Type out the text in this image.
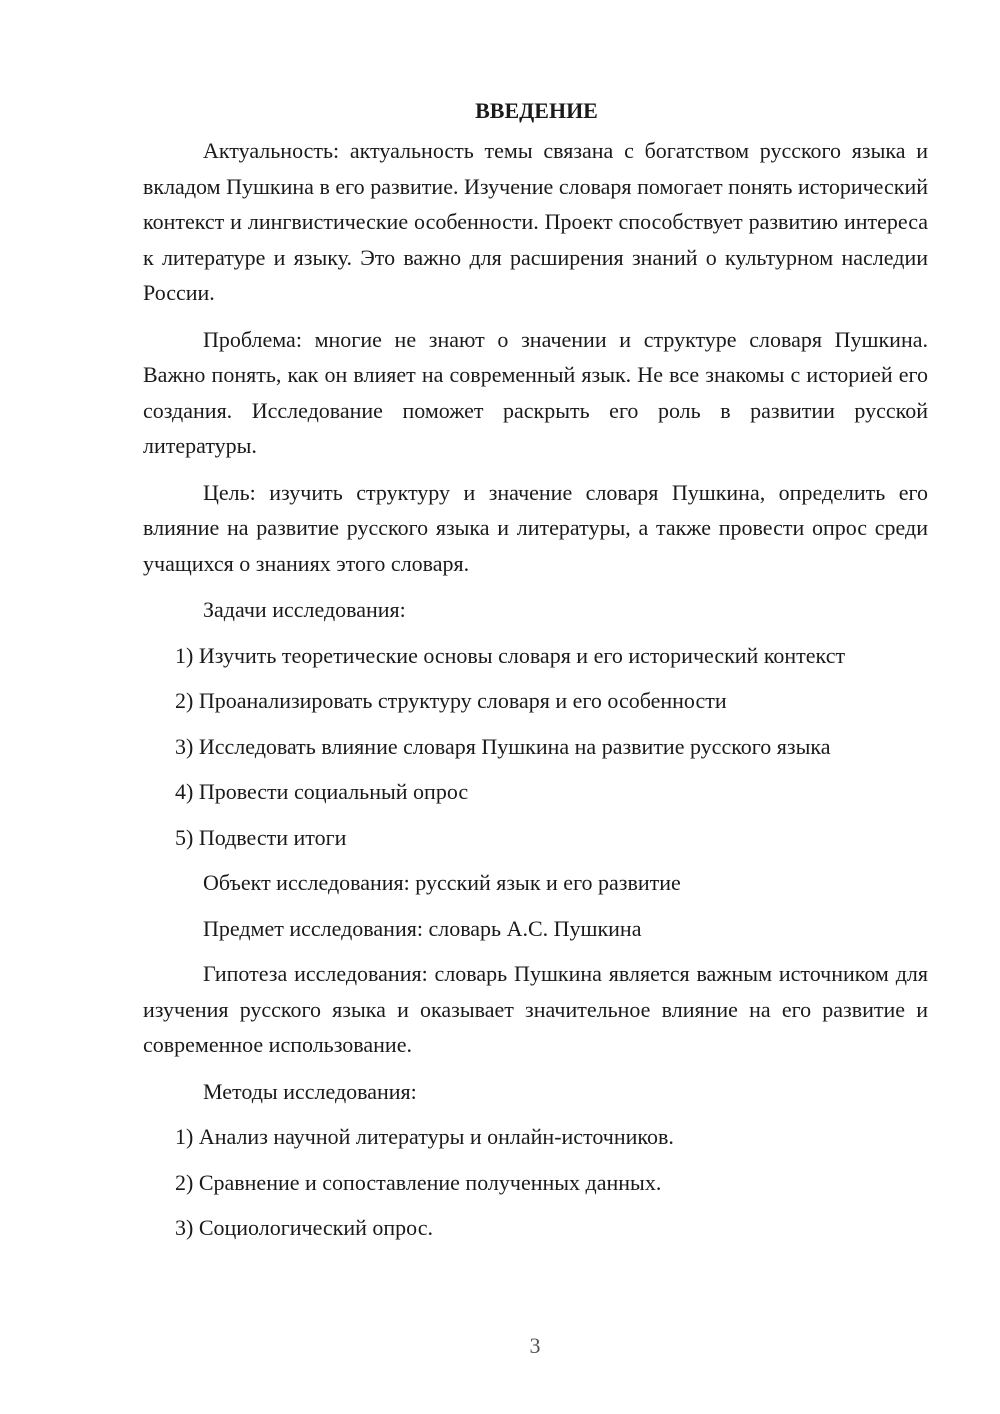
ВВЕДЕНИЕ

Актуальность: актуальность темы связана с богатством русского языка и вкладом Пушкина в его развитие. Изучение словаря помогает понять исторический контекст и лингвистические особенности. Проект способствует развитию интереса к литературе и языку. Это важно для расширения знаний о культурном наследии России.

Проблема: многие не знают о значении и структуре словаря Пушкина. Важно понять, как он влияет на современный язык. Не все знакомы с историей его создания. Исследование поможет раскрыть его роль в развитии русской литературы.

Цель: изучить структуру и значение словаря Пушкина, определить его влияние на развитие русского языка и литературы, а также провести опрос среди учащихся о знаниях этого словаря.

Задачи исследования:

1) Изучить теоретические основы словаря и его исторический контекст

2) Проанализировать структуру словаря и его особенности

3) Исследовать влияние словаря Пушкина на развитие русского языка

4) Провести социальный опрос

5) Подвести итоги

Объект исследования: русский язык и его развитие

Предмет исследования: словарь А.С. Пушкина

Гипотеза исследования: словарь Пушкина является важным источником для изучения русского языка и оказывает значительное влияние на его развитие и современное использование.

Методы исследования:

1) Анализ научной литературы и онлайн-источников.

2) Сравнение и сопоставление полученных данных.

3) Социологический опрос.

3
